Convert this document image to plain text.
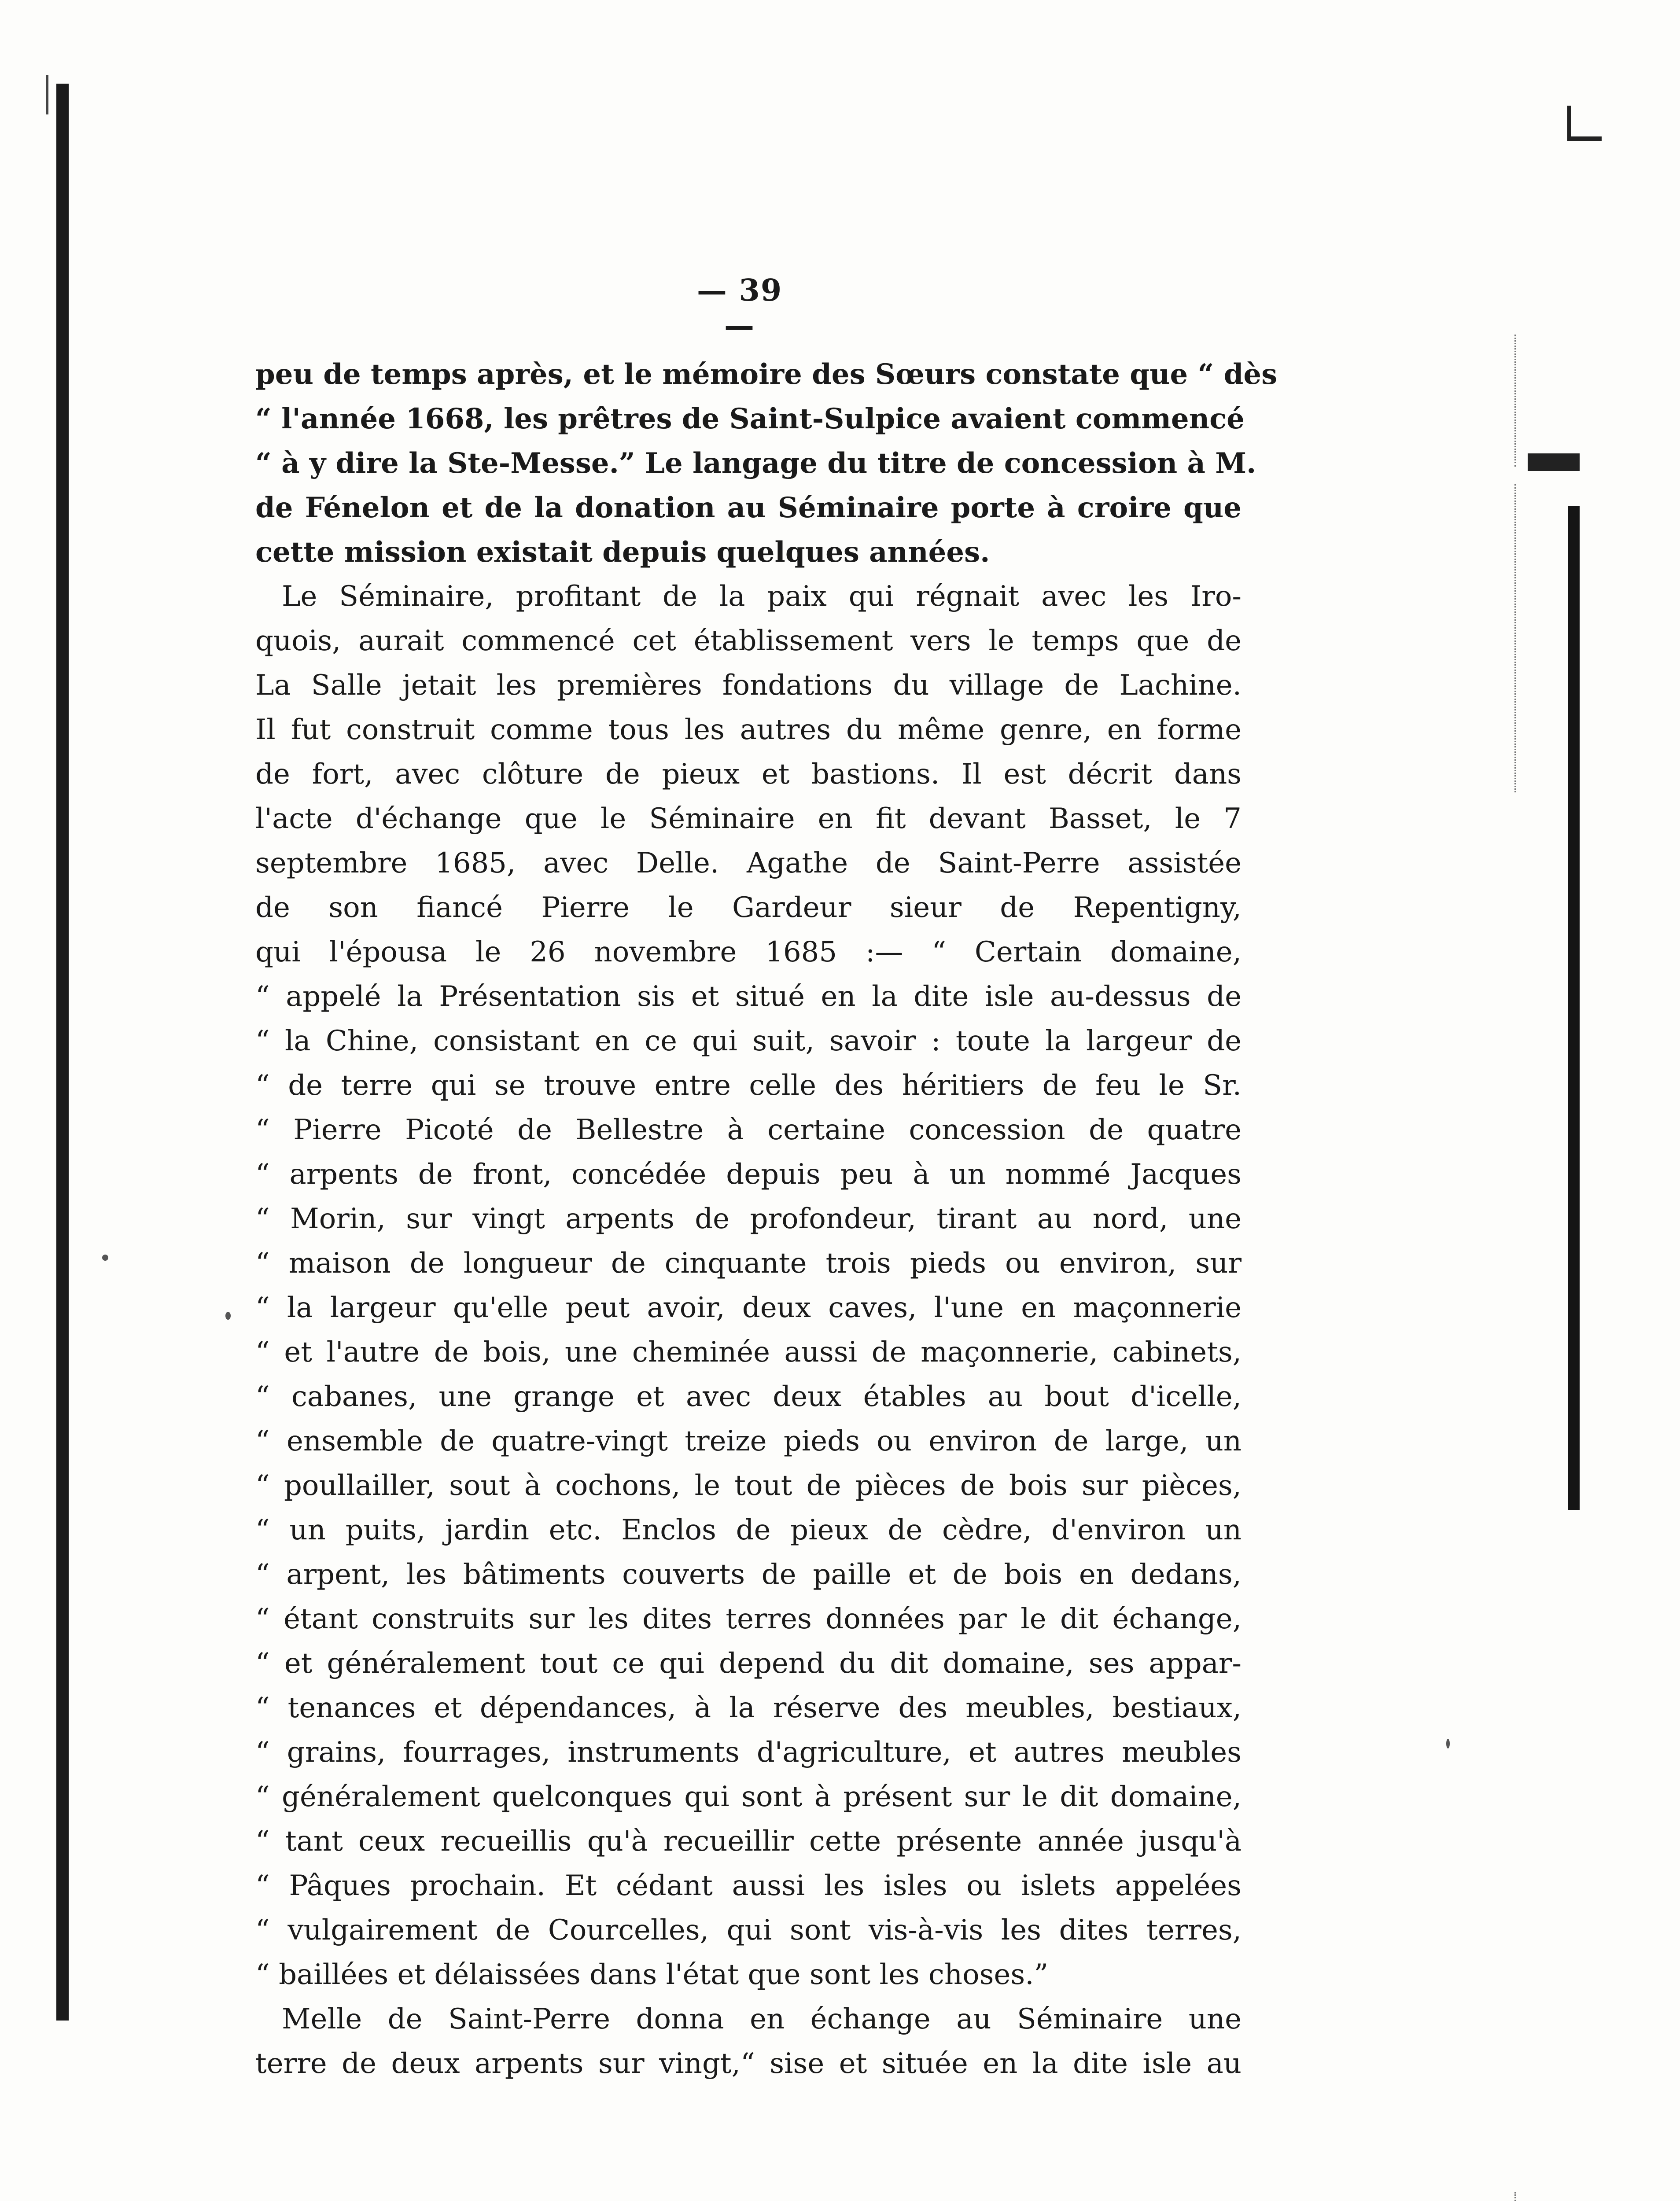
— 39 —
peu de temps après, et le mémoire des Sœurs constate que “ dès
“ l'année 1668, les prêtres de Saint-Sulpice avaient commencé
“ à y dire la Ste-Messe.” Le langage du titre de concession à M.
de Fénelon et de la donation au Séminaire porte à croire que
cette mission existait depuis quelques années.
Le Séminaire, profitant de la paix qui régnait avec les Iro-
quois, aurait commencé cet établissement vers le temps que de
La Salle jetait les premières fondations du village de Lachine.
Il fut construit comme tous les autres du même genre, en forme
de fort, avec clôture de pieux et bastions. Il est décrit dans
l'acte d'échange que le Séminaire en fit devant Basset, le 7
septembre 1685, avec Delle. Agathe de Saint-Perre assistée
de son fiancé Pierre le Gardeur sieur de Repentigny,
qui l'épousa le 26 novembre 1685 :— “ Certain domaine,
“ appelé la Présentation sis et situé en la dite isle au-dessus de
“ la Chine, consistant en ce qui suit, savoir : toute la largeur de
“ de terre qui se trouve entre celle des héritiers de feu le Sr.
“ Pierre Picoté de Bellestre à certaine concession de quatre
“ arpents de front, concédée depuis peu à un nommé Jacques
“ Morin, sur vingt arpents de profondeur, tirant au nord, une
“ maison de longueur de cinquante trois pieds ou environ, sur
“ la largeur qu'elle peut avoir, deux caves, l'une en maçonnerie
“ et l'autre de bois, une cheminée aussi de maçonnerie, cabinets,
“ cabanes, une grange et avec deux étables au bout d'icelle,
“ ensemble de quatre-vingt treize pieds ou environ de large, un
“ poullailler, sout à cochons, le tout de pièces de bois sur pièces,
“ un puits, jardin etc. Enclos de pieux de cèdre, d'environ un
“ arpent, les bâtiments couverts de paille et de bois en dedans,
“ étant construits sur les dites terres données par le dit échange,
“ et généralement tout ce qui depend du dit domaine, ses appar-
“ tenances et dépendances, à la réserve des meubles, bestiaux,
“ grains, fourrages, instruments d'agriculture, et autres meubles
“ généralement quelconques qui sont à présent sur le dit domaine,
“ tant ceux recueillis qu'à recueillir cette présente année jusqu'à
“ Pâques prochain. Et cédant aussi les isles ou islets appelées
“ vulgairement de Courcelles, qui sont vis-à-vis les dites terres,
“ baillées et délaissées dans l'état que sont les choses.”
Melle de Saint-Perre donna en échange au Séminaire une
terre de deux arpents sur vingt,“ sise et située en la dite isle au
